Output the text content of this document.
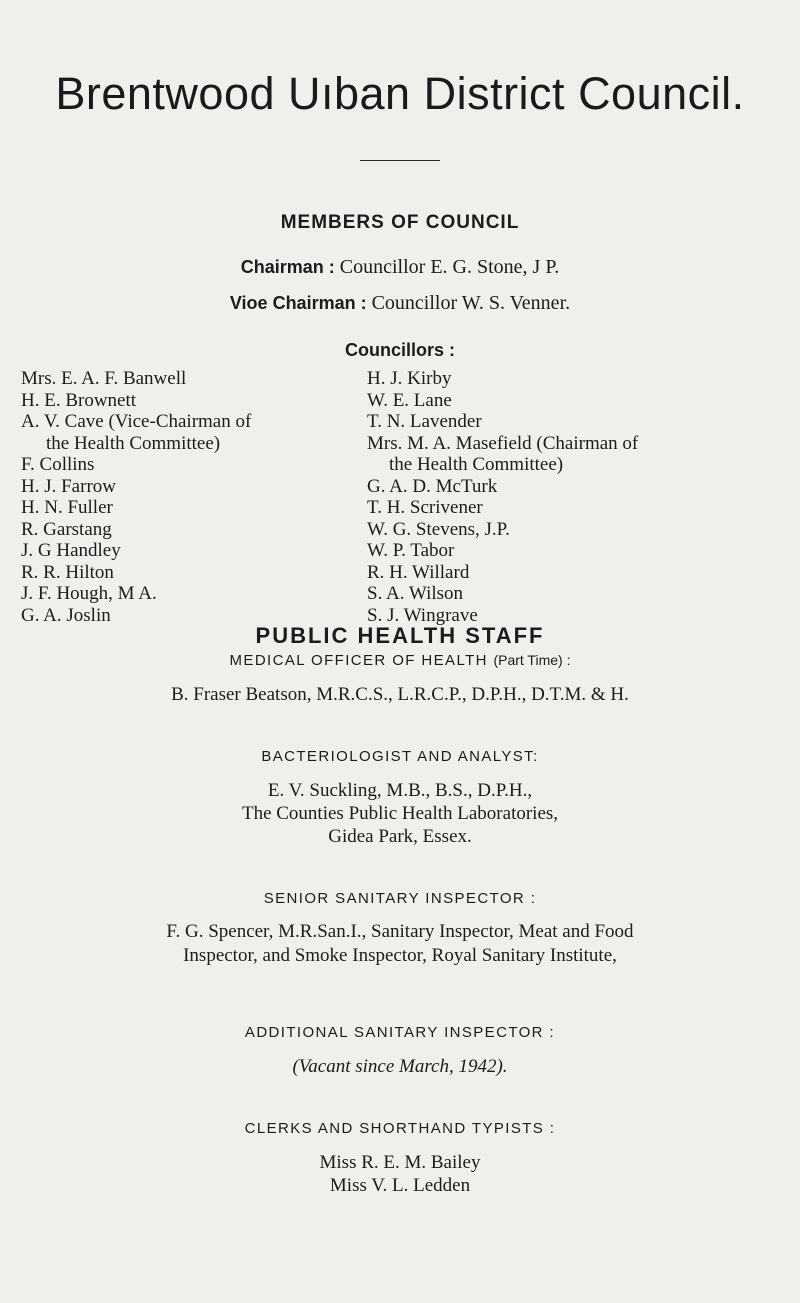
Brentwood Uıban District Council.
MEMBERS OF COUNCIL
Chairman : Councillor E. G. Stone, J P.
Vioe Chairman : Councillor W. S. Venner.
Councillors :
Mrs. E. A. F. Banwell
H. E. Brownett
A. V. Cave (Vice-Chairman of
the Health Committee)
F. Collins
H. J. Farrow
H. N. Fuller
R. Garstang
J. G Handley
R. R. Hilton
J. F. Hough, M A.
G. A. Joslin
H. J. Kirby
W. E. Lane
T. N. Lavender
Mrs. M. A. Masefield (Chairman of
the Health Committee)
G. A. D. McTurk
T. H. Scrivener
W. G. Stevens, J.P.
W. P. Tabor
R. H. Willard
S. A. Wilson
S. J. Wingrave
PUBLIC HEALTH STAFF
MEDICAL OFFICER OF HEALTH (Part Time) :
B. Fraser Beatson, M.R.C.S., L.R.C.P., D.P.H., D.T.M. & H.
BACTERIOLOGIST AND ANALYST:
E. V. Suckling, M.B., B.S., D.P.H.,
The Counties Public Health Laboratories,
Gidea Park, Essex.
SENIOR SANITARY INSPECTOR :
F. G. Spencer, M.R.San.I., Sanitary Inspector, Meat and Food
Inspector, and Smoke Inspector, Royal Sanitary Institute,
ADDITIONAL SANITARY INSPECTOR :
(Vacant since March, 1942).
CLERKS AND SHORTHAND TYPISTS :
Miss R. E. M. Bailey
Miss V. L. Ledden
